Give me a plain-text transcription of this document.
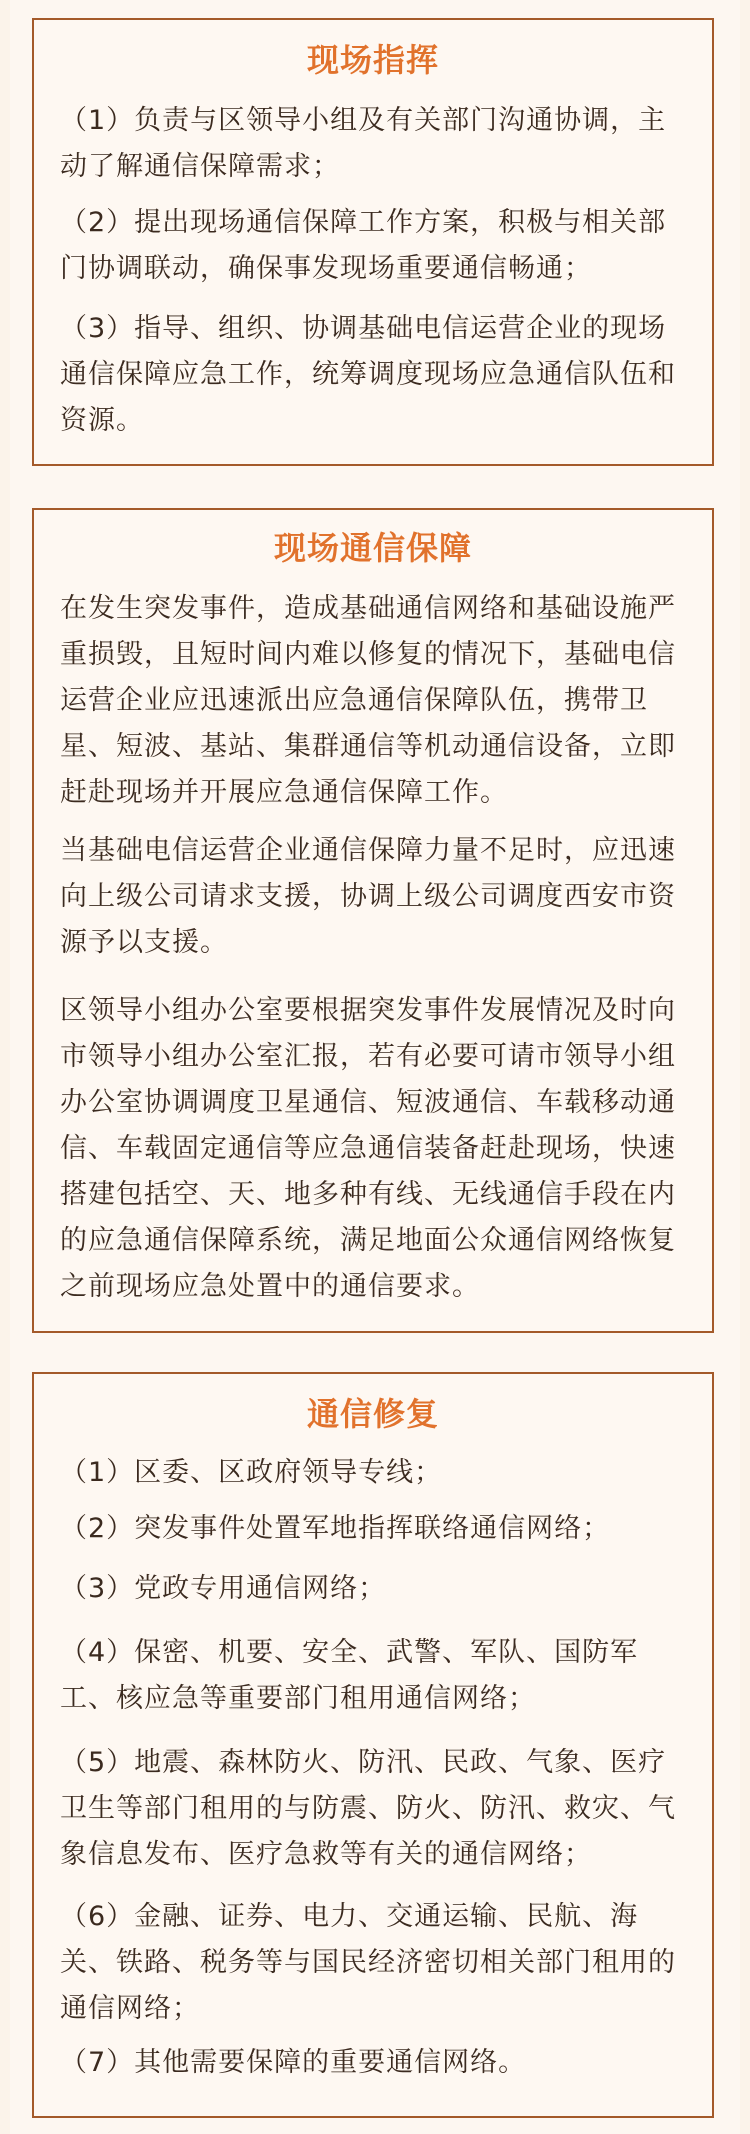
现场指挥

（1）负责与区领导小组及有关部门沟通协调，主动了解通信保障需求；

（2）提出现场通信保障工作方案，积极与相关部门协调联动，确保事发现场重要通信畅通；

（3）指导、组织、协调基础电信运营企业的现场通信保障应急工作，统筹调度现场应急通信队伍和资源。

现场通信保障

在发生突发事件，造成基础通信网络和基础设施严重损毁，且短时间内难以修复的情况下，基础电信运营企业应迅速派出应急通信保障队伍，携带卫星、短波、基站、集群通信等机动通信设备，立即赶赴现场并开展应急通信保障工作。

当基础电信运营企业通信保障力量不足时，应迅速向上级公司请求支援，协调上级公司调度西安市资源予以支援。

区领导小组办公室要根据突发事件发展情况及时向市领导小组办公室汇报，若有必要可请市领导小组办公室协调调度卫星通信、短波通信、车载移动通信、车载固定通信等应急通信装备赶赴现场，快速搭建包括空、天、地多种有线、无线通信手段在内的应急通信保障系统，满足地面公众通信网络恢复之前现场应急处置中的通信要求。

通信修复

（1）区委、区政府领导专线；

（2）突发事件处置军地指挥联络通信网络；

（3）党政专用通信网络；

（4）保密、机要、安全、武警、军队、国防军工、核应急等重要部门租用通信网络；

（5）地震、森林防火、防汛、民政、气象、医疗卫生等部门租用的与防震、防火、防汛、救灾、气象信息发布、医疗急救等有关的通信网络；

（6）金融、证券、电力、交通运输、民航、海关、铁路、税务等与国民经济密切相关部门租用的通信网络；

（7）其他需要保障的重要通信网络。
